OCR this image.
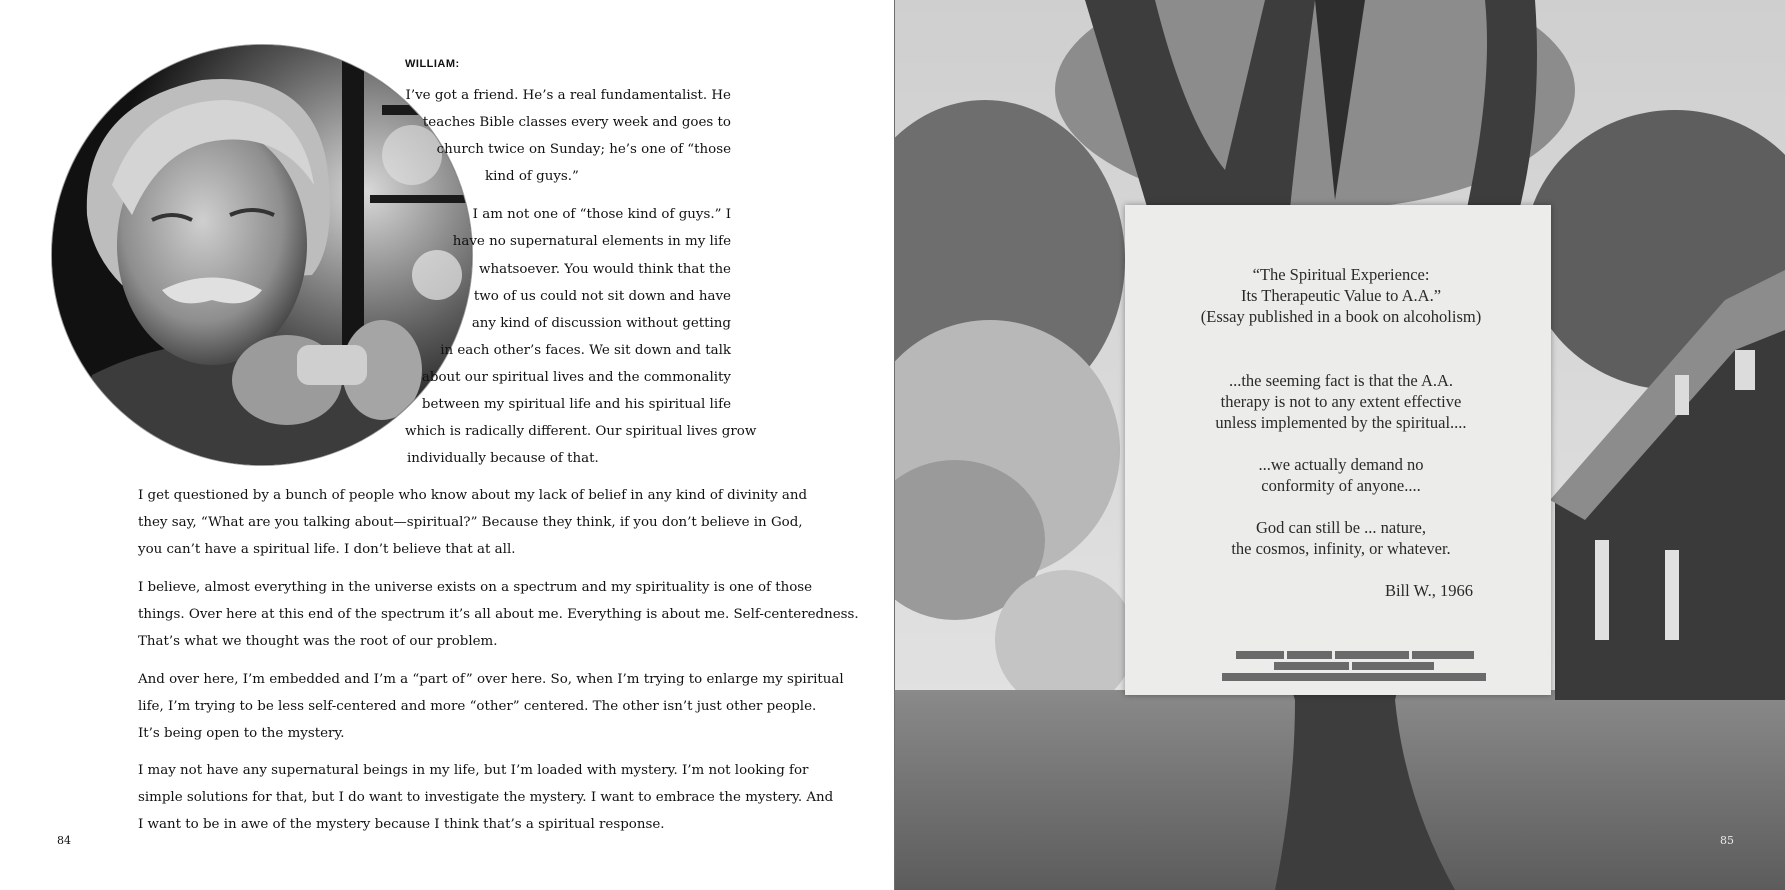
WILLIAM:
I’ve got a friend. He’s a real fundamentalist. He
teaches Bible classes every week and goes to
church twice on Sunday; he’s one of “those
kind of guys.”
I am not one of “those kind of guys.” I
have no supernatural elements in my life
whatsoever. You would think that the
two of us could not sit down and have
any kind of discussion without getting
in each other’s faces. We sit down and talk
about our spiritual lives and the commonality
between my spiritual life and his spiritual life
which is radically different. Our spiritual lives grow
individually because of that.
I get questioned by a bunch of people who know about my lack of belief in any kind of divinity and
they say, “What are you talking about—spiritual?” Because they think, if you don’t believe in God,
you can’t have a spiritual life. I don’t believe that at all.
I believe, almost everything in the universe exists on a spectrum and my spirituality is one of those
things. Over here at this end of the spectrum it’s all about me. Everything is about me. Self-centeredness.
That’s what we thought was the root of our problem.
And over here, I’m embedded and I’m a “part of” over here. So, when I’m trying to enlarge my spiritual
life, I’m trying to be less self-centered and more “other” centered. The other isn’t just other people.
It’s being open to the mystery.
I may not have any supernatural beings in my life, but I’m loaded with mystery. I’m not looking for
simple solutions for that, but I do want to investigate the mystery. I want to embrace the mystery. And
I want to be in awe of the mystery because I think that’s a spiritual response.
84
“The Spiritual Experience:
Its Therapeutic Value to A.A.”
(Essay published in a book on alcoholism)
...the seeming fact is that the A.A.
therapy is not to any extent effective
unless implemented by the spiritual....
...we actually demand no
conformity of anyone....
God can still be ... nature,
the cosmos, infinity, or whatever.
Bill W., 1966
85
